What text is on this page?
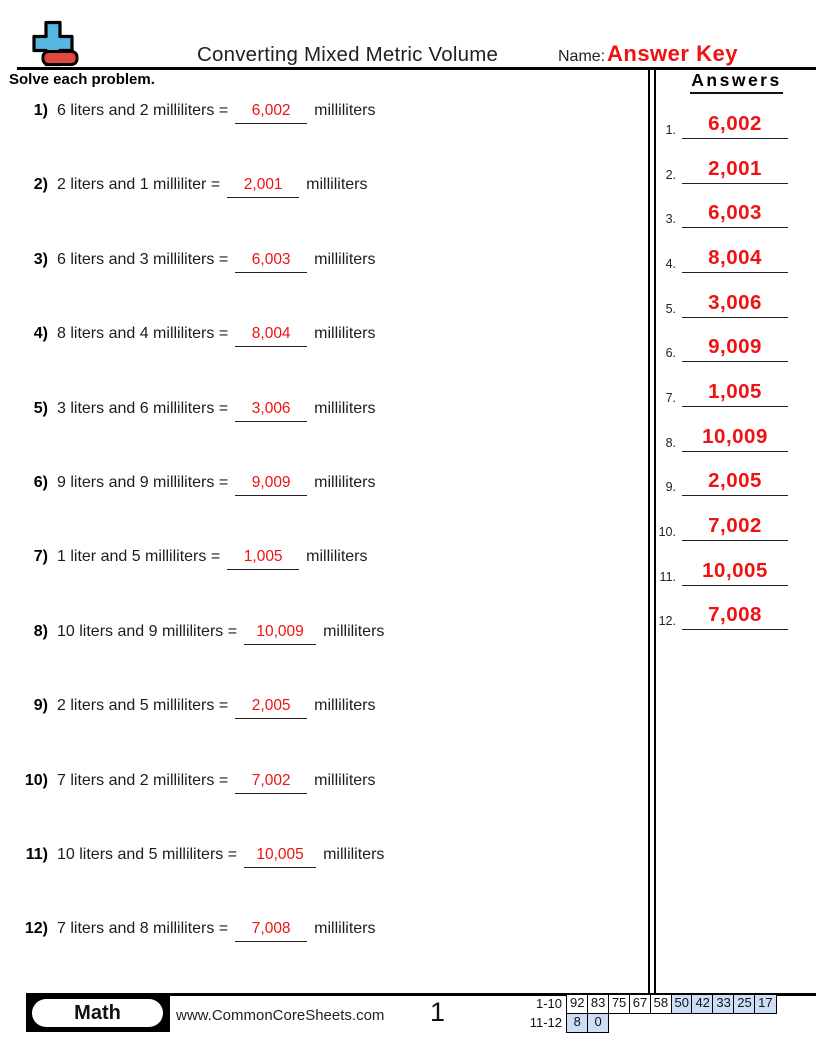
Converting Mixed Metric Volume	Name: Answer Key
Solve each problem.
1) 6 liters and 2 milliliters = 6,002 milliliters
2) 2 liters and 1 milliliter = 2,001 milliliters
3) 6 liters and 3 milliliters = 6,003 milliliters
4) 8 liters and 4 milliliters = 8,004 milliliters
5) 3 liters and 6 milliliters = 3,006 milliliters
6) 9 liters and 9 milliliters = 9,009 milliliters
7) 1 liter and 5 milliliters = 1,005 milliliters
8) 10 liters and 9 milliliters = 10,009 milliliters
9) 2 liters and 5 milliliters = 2,005 milliliters
10) 7 liters and 2 milliliters = 7,002 milliliters
11) 10 liters and 5 milliliters = 10,005 milliliters
12) 7 liters and 8 milliliters = 7,008 milliliters
Answers
1.	6,002
2.	2,001
3.	6,003
4.	8,004
5.	3,006
6.	9,009
7.	1,005
8.	10,009
9.	2,005
10.	7,002
11.	10,005
12.	7,008
Math	www.CommonCoreSheets.com 1	1-10 92 83 75 67 58 50 42 33 25 17
11-12 8	0
